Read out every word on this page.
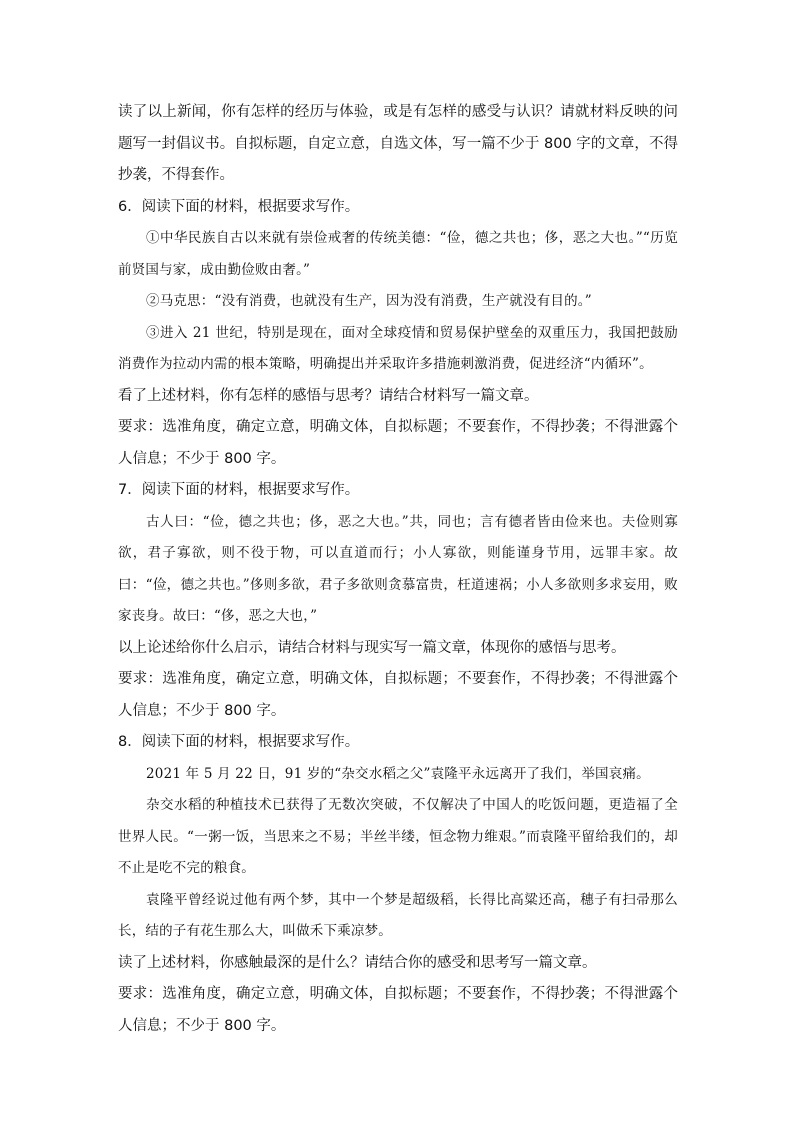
读了以上新闻，你有怎样的经历与体验，或是有怎样的感受与认识？请就材料反映的问题写一封倡议书。自拟标题，自定立意，自选文体，写一篇不少于 800 字的文章，不得抄袭，不得套作。

6．阅读下面的材料，根据要求写作。

①中华民族自古以来就有崇俭戒奢的传统美德：“俭，德之共也；侈，恶之大也。”“历览前贤国与家，成由勤俭败由奢。”

②马克思：“没有消费，也就没有生产，因为没有消费，生产就没有目的。”

③进入 21 世纪，特别是现在，面对全球疫情和贸易保护壁垒的双重压力，我国把鼓励消费作为拉动内需的根本策略，明确提出并采取许多措施刺激消费，促进经济“内循环”。

看了上述材料，你有怎样的感悟与思考？请结合材料写一篇文章。

要求：选准角度，确定立意，明确文体，自拟标题；不要套作，不得抄袭；不得泄露个人信息；不少于 800 字。

7．阅读下面的材料，根据要求写作。

古人曰：“俭，德之共也；侈，恶之大也。”共，同也；言有德者皆由俭来也。夫俭则寡欲，君子寡欲，则不役于物，可以直道而行；小人寡欲，则能谨身节用，远罪丰家。故曰：“俭，德之共也。”侈则多欲，君子多欲则贪慕富贵，枉道速祸；小人多欲则多求妄用，败家丧身。故曰：“侈，恶之大也，”

以上论述给你什么启示，请结合材料与现实写一篇文章，体现你的感悟与思考。

要求：选准角度，确定立意，明确文体，自拟标题；不要套作，不得抄袭；不得泄露个人信息；不少于 800 字。

8．阅读下面的材料，根据要求写作。

2021 年 5 月 22 日，91 岁的“杂交水稻之父”袁隆平永远离开了我们，举国哀痛。

杂交水稻的种植技术已获得了无数次突破，不仅解决了中国人的吃饭问题，更造福了全世界人民。“一粥一饭，当思来之不易；半丝半缕，恒念物力维艰。”而袁隆平留给我们的，却不止是吃不完的粮食。

袁隆平曾经说过他有两个梦，其中一个梦是超级稻，长得比高粱还高，穗子有扫帚那么长，结的子有花生那么大，叫做禾下乘凉梦。

读了上述材料，你感触最深的是什么？请结合你的感受和思考写一篇文章。

要求：选准角度，确定立意，明确文体，自拟标题；不要套作，不得抄袭；不得泄露个人信息；不少于 800 字。
